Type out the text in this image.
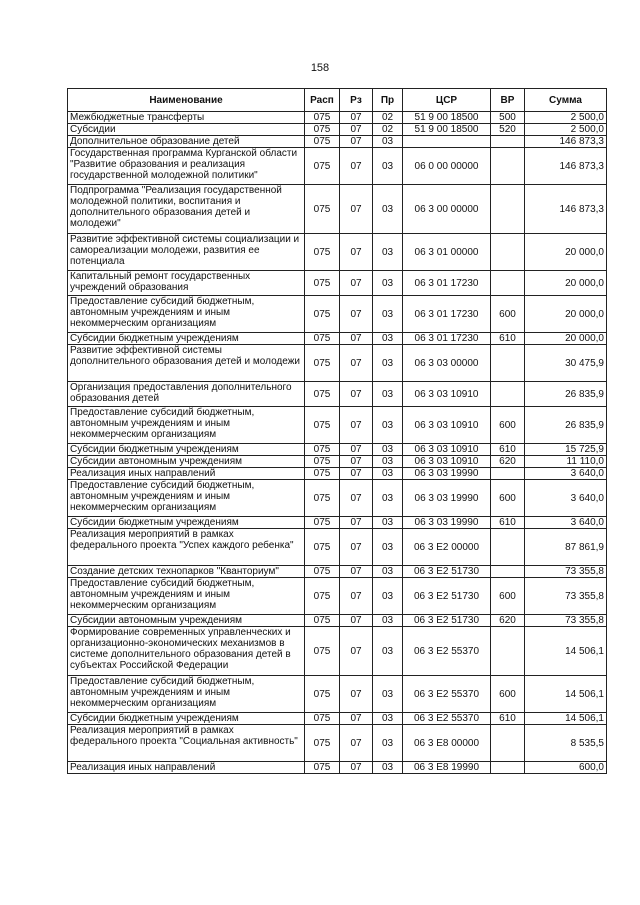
158
Наименование	Расп	Рз	Пр	ЦСР	ВР	Сумма
Межбюджетные трансферты	075	07	02	51 9 00 18500	500	2 500,0
Субсидии	075	07	02	51 9 00 18500	520	2 500,0
Дополнительное образование детей	075	07	03			146 873,3
Государственная программа Курганской области "Развитие образования и реализация государственной молодежной политики"	075	07	03	06 0 00 00000		146 873,3
Подпрограмма "Реализация государственной молодежной политики, воспитания и дополнительного образования детей и молодежи"	075	07	03	06 3 00 00000		146 873,3
Развитие эффективной системы социализации и самореализации молодежи, развития ее потенциала	075	07	03	06 3 01 00000		20 000,0
Капитальный ремонт государственных учреждений образования	075	07	03	06 3 01 17230		20 000,0
Предоставление субсидий бюджетным, автономным учреждениям и иным некоммерческим организациям	075	07	03	06 3 01 17230	600	20 000,0
Субсидии бюджетным учреждениям	075	07	03	06 3 01 17230	610	20 000,0
Развитие эффективной системы дополнительного образования детей и молодежи	075	07	03	06 3 03 00000		30 475,9
Организация предоставления дополнительного образования детей	075	07	03	06 3 03 10910		26 835,9
Предоставление субсидий бюджетным, автономным учреждениям и иным некоммерческим организациям	075	07	03	06 3 03 10910	600	26 835,9
Субсидии бюджетным учреждениям	075	07	03	06 3 03 10910	610	15 725,9
Субсидии автономным учреждениям	075	07	03	06 3 03 10910	620	11 110,0
Реализация иных направлений	075	07	03	06 3 03 19990		3 640,0
Предоставление субсидий бюджетным, автономным учреждениям и иным некоммерческим организациям	075	07	03	06 3 03 19990	600	3 640,0
Субсидии бюджетным учреждениям	075	07	03	06 3 03 19990	610	3 640,0
Реализация мероприятий в рамках федерального проекта "Успех каждого ребенка"	075	07	03	06 3 Е2 00000		87 861,9
Создание детских технопарков "Кванториум"	075	07	03	06 3 Е2 51730		73 355,8
Предоставление субсидий бюджетным, автономным учреждениям и иным некоммерческим организациям	075	07	03	06 3 Е2 51730	600	73 355,8
Субсидии автономным учреждениям	075	07	03	06 3 Е2 51730	620	73 355,8
Формирование современных управленческих и организационно-экономических механизмов в системе дополнительного образования детей в субъектах Российской Федерации	075	07	03	06 3 Е2 55370		14 506,1
Предоставление субсидий бюджетным, автономным учреждениям и иным некоммерческим организациям	075	07	03	06 3 Е2 55370	600	14 506,1
Субсидии бюджетным учреждениям	075	07	03	06 3 Е2 55370	610	14 506,1
Реализация мероприятий в рамках федерального проекта "Социальная активность"	075	07	03	06 3 Е8 00000		8 535,5
Реализация иных направлений	075	07	03	06 3 Е8 19990		600,0
